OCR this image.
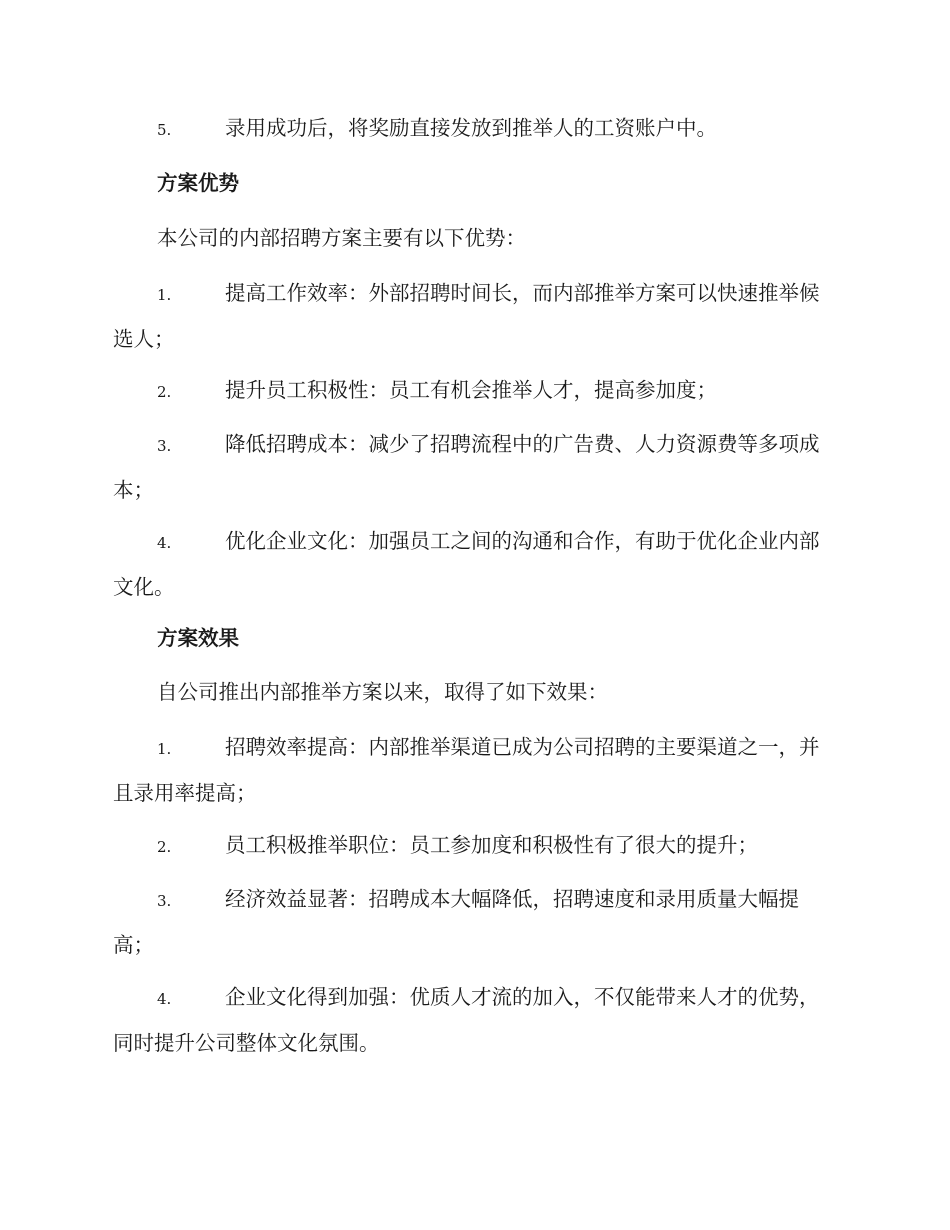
5.	录用成功后，将奖励直接发放到推举人的工资账户中。
方案优势
本公司的内部招聘方案主要有以下优势：
1.	提高工作效率：外部招聘时间长，而内部推举方案可以快速推举候选人；
2.	提升员工积极性：员工有机会推举人才，提高参加度；
3.	降低招聘成本：减少了招聘流程中的广告费、人力资源费等多项成本；
4.	优化企业文化：加强员工之间的沟通和合作，有助于优化企业内部文化。
方案效果
自公司推出内部推举方案以来，取得了如下效果：
1.	招聘效率提高：内部推举渠道已成为公司招聘的主要渠道之一，并且录用率提高；
2.	员工积极推举职位：员工参加度和积极性有了很大的提升；
3.	经济效益显著：招聘成本大幅降低，招聘速度和录用质量大幅提高；
4.	企业文化得到加强：优质人才流的加入，不仅能带来人才的优势，同时提升公司整体文化氛围。
